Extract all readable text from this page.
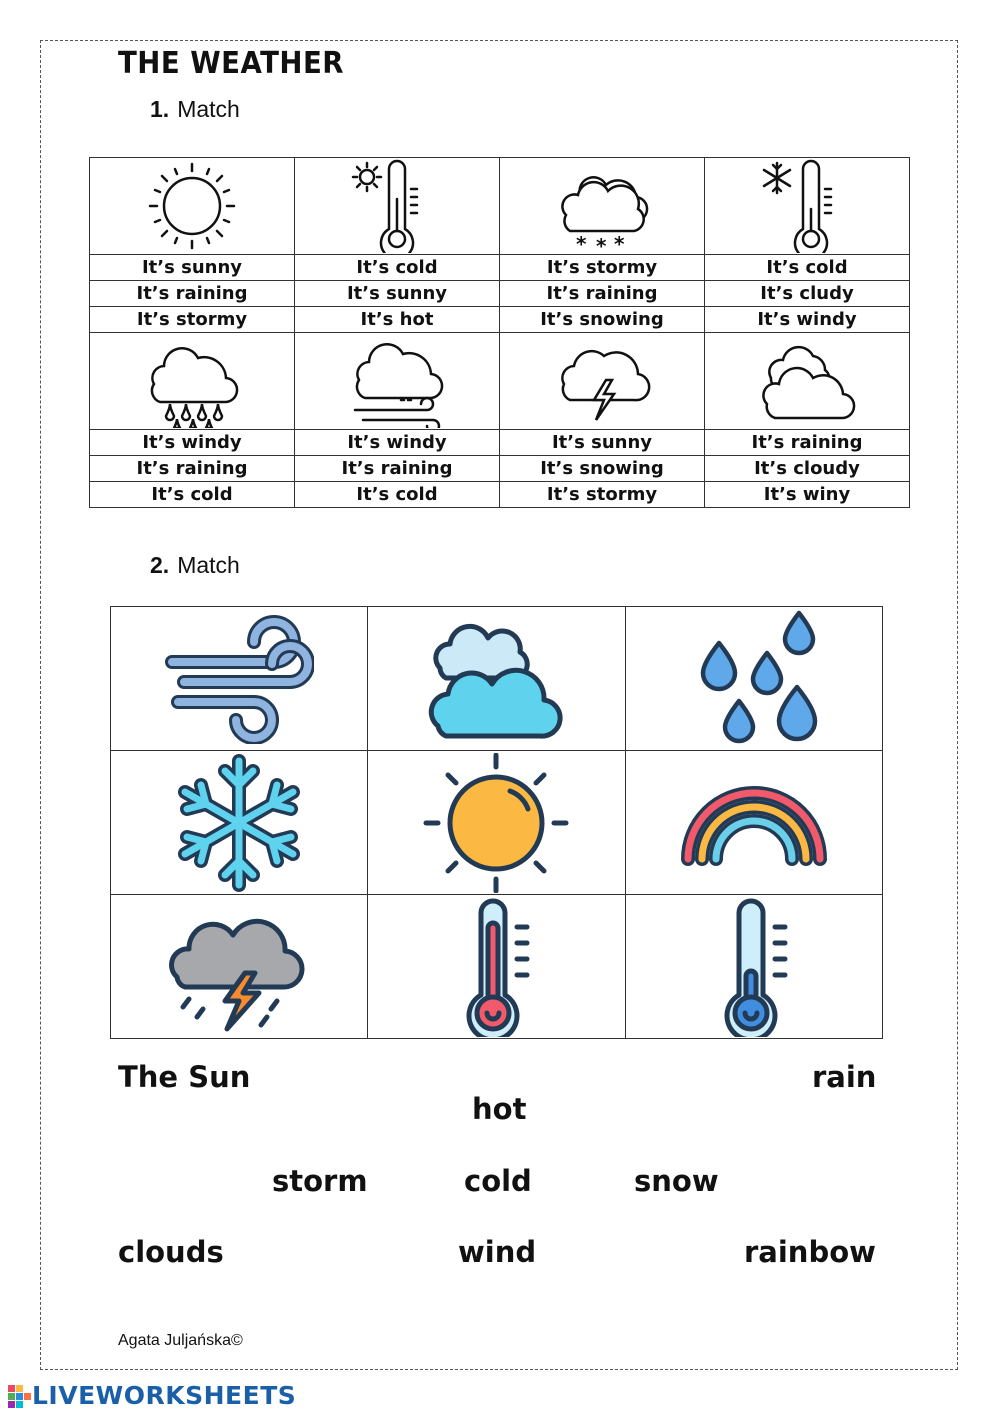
THE WEATHER
1. Match

* * *

It’s sunny	It’s cold	It’s stormy	It’s cold
It’s raining	It’s sunny	It’s raining	It’s cludy
It’s stormy	It’s hot	It’s snowing	It’s windy

It’s windy	It’s windy	It’s sunny	It’s raining
It’s raining	It’s raining	It’s snowing	It’s cloudy
It’s cold	It’s cold	It’s stormy	It’s winy
2. Match

The Sun	rain
hot
storm	cold	snow
clouds	wind	rainbow
Agata Juljańska©
LIVEWORKSHEETS
